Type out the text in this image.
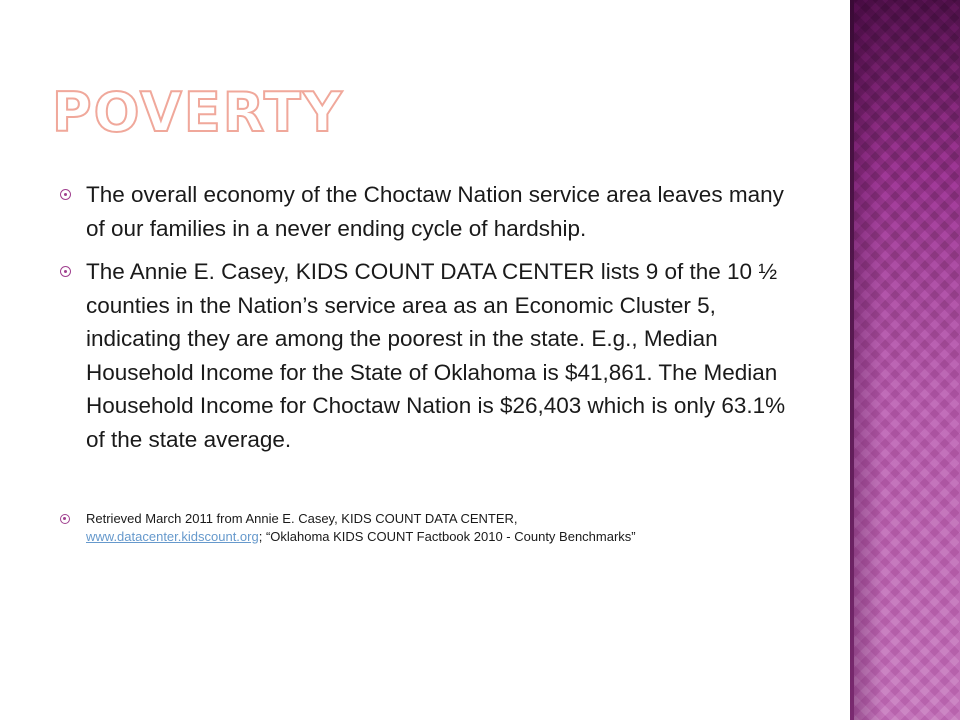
POVERTY
The overall economy of the Choctaw Nation service area leaves many of our families in a never ending cycle of hardship.
The Annie E. Casey, KIDS COUNT DATA CENTER lists 9 of the 10 ½ counties in the Nation’s service area as an Economic Cluster 5, indicating they are among the poorest in the state. E.g., Median Household Income for the State of Oklahoma is $41,861. The Median Household Income for Choctaw Nation is $26,403 which is only 63.1% of the state average.
Retrieved March 2011 from Annie E. Casey, KIDS COUNT DATA CENTER,
www.datacenter.kidscount.org; “Oklahoma KIDS COUNT Factbook 2010 - County Benchmarks”
